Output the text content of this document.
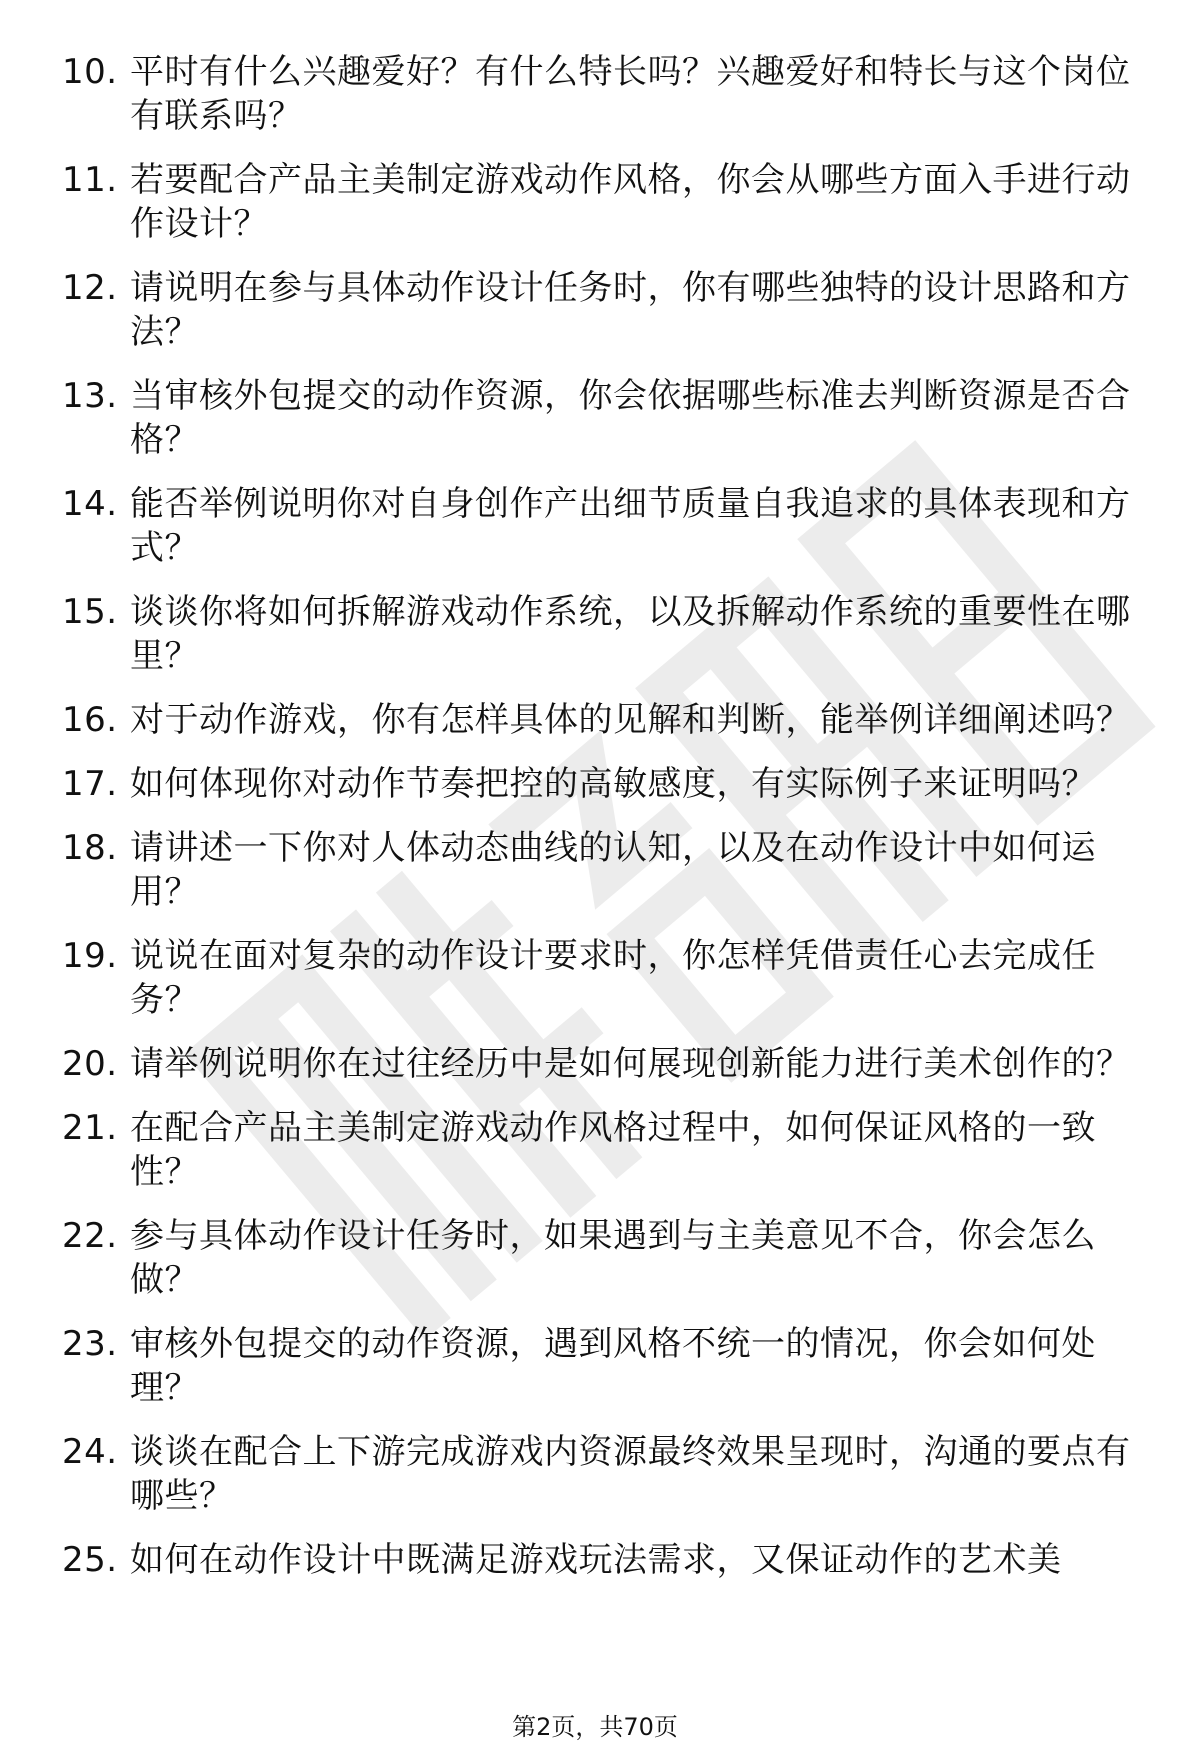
10. 平时有什么兴趣爱好？有什么特长吗？兴趣爱好和特长与这个岗位有联系吗？
11. 若要配合产品主美制定游戏动作风格，你会从哪些方面入手进行动作设计？
12. 请说明在参与具体动作设计任务时，你有哪些独特的设计思路和方法？
13. 当审核外包提交的动作资源，你会依据哪些标准去判断资源是否合格？
14. 能否举例说明你对自身创作产出细节质量自我追求的具体表现和方式？
15. 谈谈你将如何拆解游戏动作系统，以及拆解动作系统的重要性在哪里？
16. 对于动作游戏，你有怎样具体的见解和判断，能举例详细阐述吗？
17. 如何体现你对动作节奏把控的高敏感度，有实际例子来证明吗？
18. 请讲述一下你对人体动态曲线的认知，以及在动作设计中如何运用？
19. 说说在面对复杂的动作设计要求时，你怎样凭借责任心去完成任务？
20. 请举例说明你在过往经历中是如何展现创新能力进行美术创作的？
21. 在配合产品主美制定游戏动作风格过程中，如何保证风格的一致性？
22. 参与具体动作设计任务时，如果遇到与主美意见不合，你会怎么做？
23. 审核外包提交的动作资源，遇到风格不统一的情况，你会如何处理？
24. 谈谈在配合上下游完成游戏内资源最终效果呈现时，沟通的要点有哪些？
25. 如何在动作设计中既满足游戏玩法需求，又保证动作的艺术美
第2页，共70页
